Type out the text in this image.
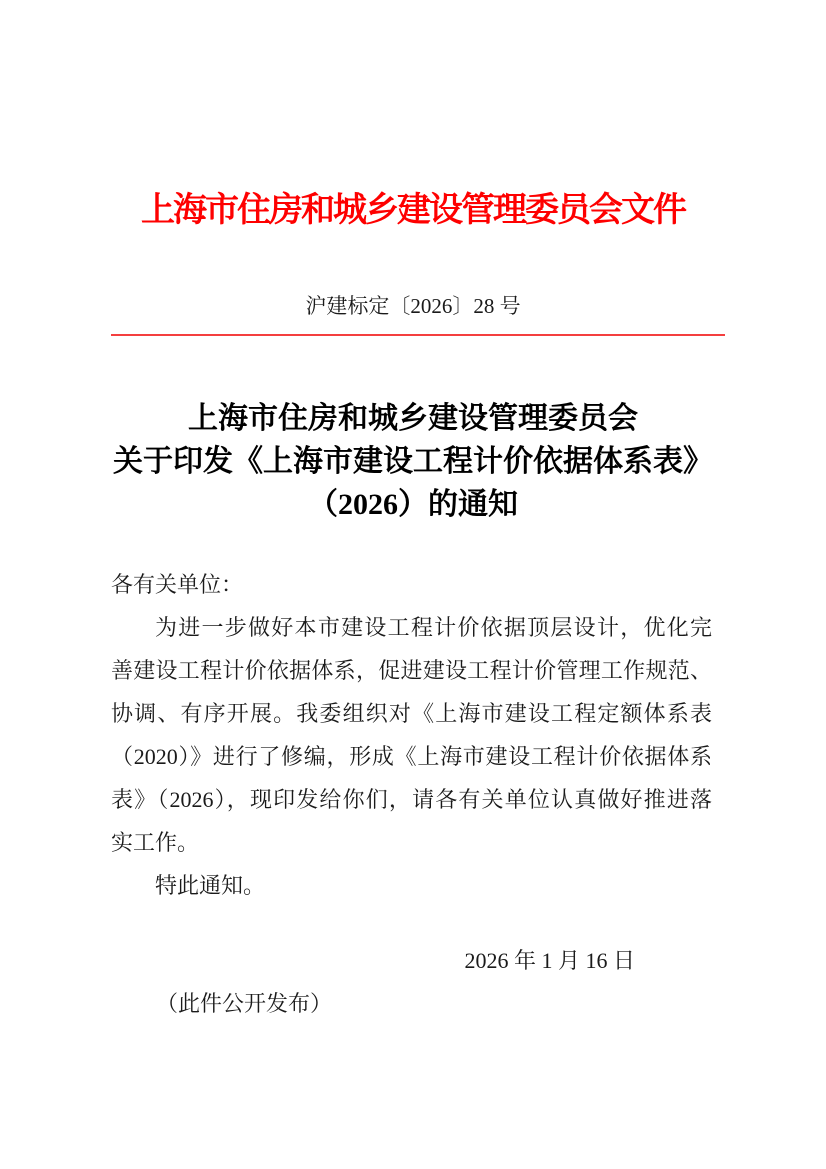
上海市住房和城乡建设管理委员会文件
沪建标定〔2026〕28 号
上海市住房和城乡建设管理委员会
关于印发《上海市建设工程计价依据体系表》
（2026）的通知
各有关单位：
为进一步做好本市建设工程计价依据顶层设计，优化完
善建设工程计价依据体系，促进建设工程计价管理工作规范、
协调、有序开展。我委组织对《上海市建设工程定额体系表
（2020）》进行了修编，形成《上海市建设工程计价依据体系
表》（2026），现印发给你们，请各有关单位认真做好推进落
实工作。
特此通知。
2026 年 1 月 16 日
（此件公开发布）
